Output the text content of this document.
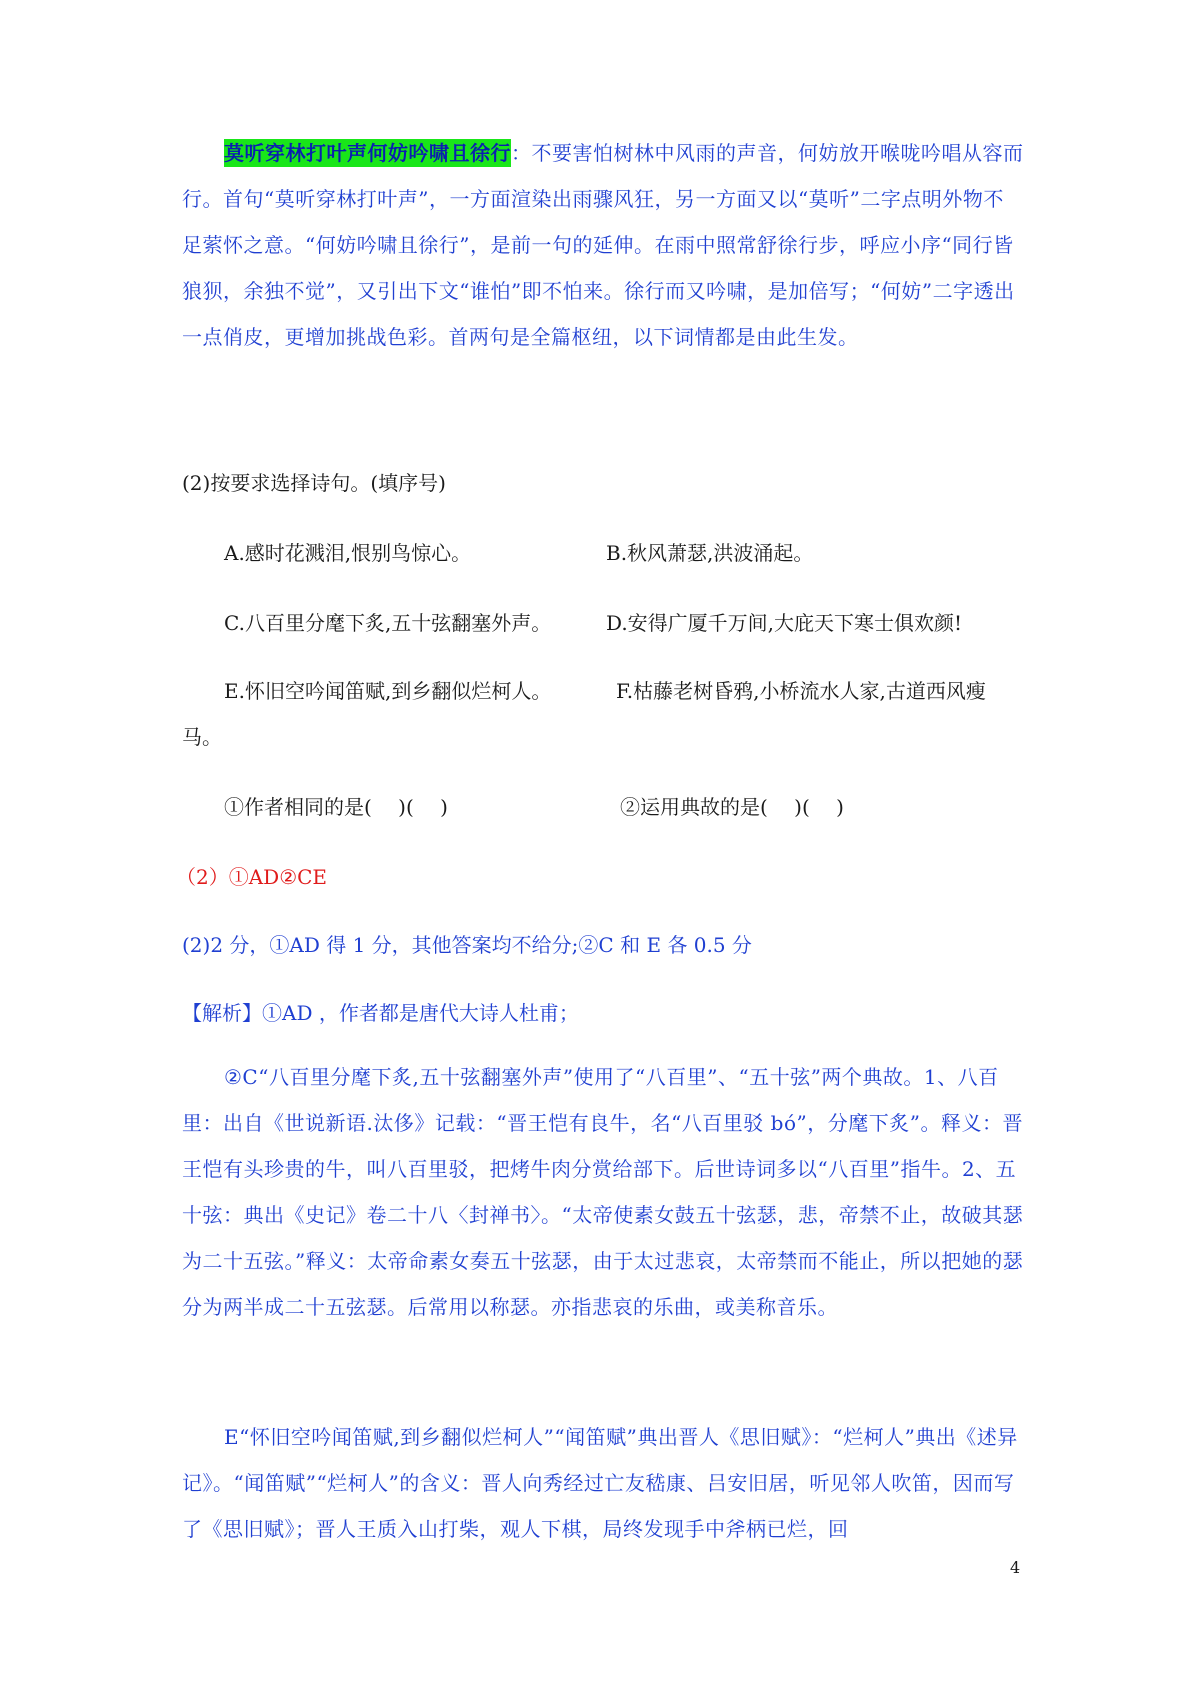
莫听穿林打叶声何妨吟啸且徐行：不要害怕树林中风雨的声音，何妨放开喉咙吟唱从容而行。首句“莫听穿林打叶声”，一方面渲染出雨骤风狂，另一方面又以“莫听”二字点明外物不足萦怀之意。“何妨吟啸且徐行”，是前一句的延伸。在雨中照常舒徐行步，呼应小序“同行皆狼狈，余独不觉”，又引出下文“谁怕”即不怕来。徐行而又吟啸，是加倍写；“何妨”二字透出一点俏皮，更增加挑战色彩。首两句是全篇枢纽，以下词情都是由此生发。
(2)按要求选择诗句。(填序号)
A.感时花溅泪,恨别鸟惊心。	B.秋风萧瑟,洪波涌起。
C.八百里分麾下炙,五十弦翻塞外声。	D.安得广厦千万间,大庇天下寒士俱欢颜!
E.怀旧空吟闻笛赋,到乡翻似烂柯人。	F.枯藤老树昏鸦,小桥流水人家,古道西风瘦
马。
①作者相同的是(　 )(　 )	②运用典故的是(　 )(　 )
（2）①AD②CE
(2)2 分，①AD 得 1 分，其他答案均不给分;②C 和 E 各 0.5 分
【解析】①AD ，作者都是唐代大诗人杜甫；
②C“八百里分麾下炙,五十弦翻塞外声”使用了“八百里”、“五十弦”两个典故。1、八百里：出自《世说新语.汰侈》记载：“晋王恺有良牛，名“八百里驳 bó”，分麾下炙”。释义：晋王恺有头珍贵的牛，叫八百里驳，把烤牛肉分赏给部下。后世诗词多以“八百里”指牛。2、五十弦：典出《史记》卷二十八〈封禅书〉。“太帝使素女鼓五十弦瑟，悲，帝禁不止，故破其瑟为二十五弦。”释义：太帝命素女奏五十弦瑟，由于太过悲哀，太帝禁而不能止，所以把她的瑟分为两半成二十五弦瑟。后常用以称瑟。亦指悲哀的乐曲，或美称音乐。
E“怀旧空吟闻笛赋,到乡翻似烂柯人”“闻笛赋”典出晋人《思旧赋》：“烂柯人”典出《述异记》。“闻笛赋”“烂柯人”的含义：晋人向秀经过亡友嵇康、吕安旧居，听见邻人吹笛，因而写了《思旧赋》；晋人王质入山打柴，观人下棋，局终发现手中斧柄已烂，回
4
